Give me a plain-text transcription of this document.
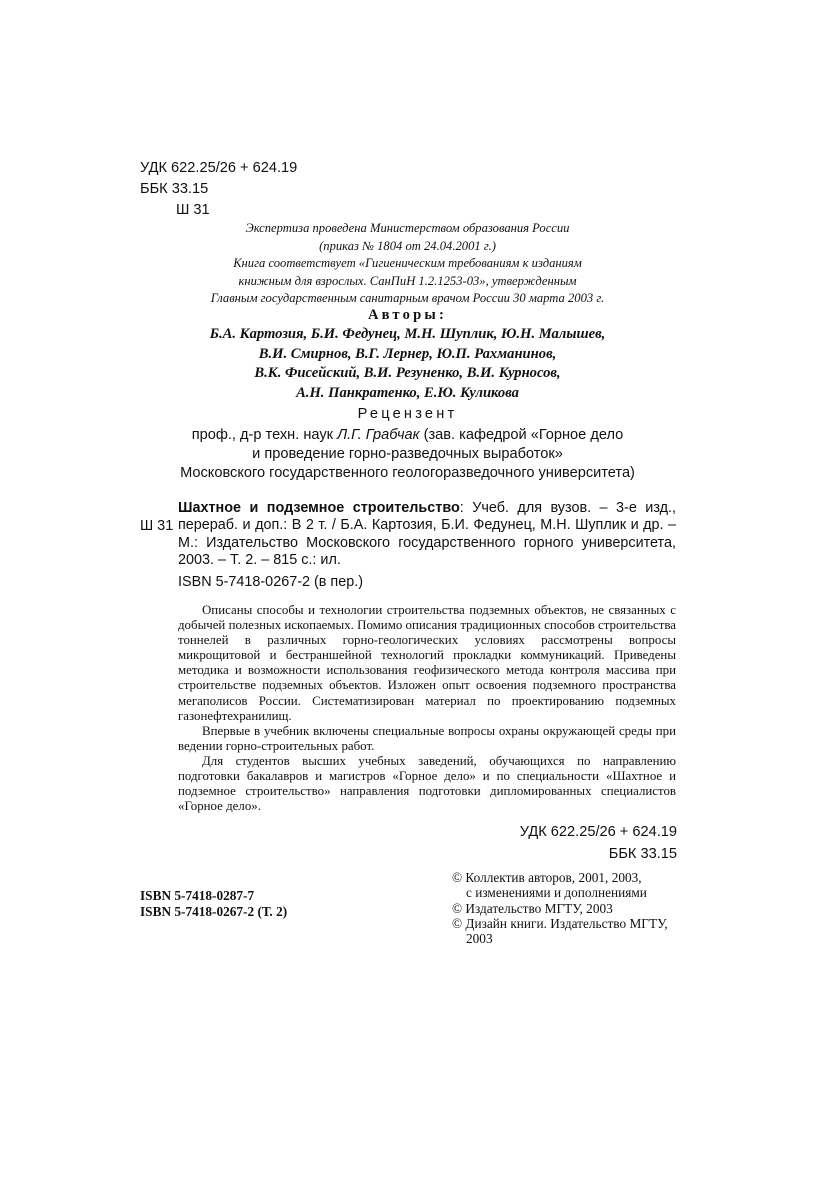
УДК 622.25/26 + 624.19
ББК 33.15
Ш 31
Экспертиза проведена Министерством образования России
(приказ № 1804 от 24.04.2001 г.)
Книга соответствует «Гигиеническим требованиям к изданиям
книжным для взрослых. СанПиН 1.2.1253-03», утвержденным
Главным государственным санитарным врачом России 30 марта 2003 г.
Авторы:
Б.А. Картозия, Б.И. Федунец, М.Н. Шуплик, Ю.Н. Малышев,
В.И. Смирнов, В.Г. Лернер, Ю.П. Рахманинов,
В.К. Фисейский, В.И. Резуненко, В.И. Курносов,
А.Н. Панкратенко, Е.Ю. Куликова
Рецензент
проф., д-р техн. наук Л.Г. Грабчак (зав. кафедрой «Горное дело
и проведение горно-разведочных выработок»
Московского государственного геологоразведочного университета)
Ш 31
Шахтное и подземное строительство: Учеб. для вузов. – 3-е изд., перераб. и доп.: В 2 т. / Б.А. Картозия, Б.И. Федунец, М.Н. Шуплик и др. – М.: Издательство Московского государственного горного университета, 2003. – Т. 2. – 815 с.: ил.
ISBN 5-7418-0267-2 (в пер.)

Описаны способы и технологии строительства подземных объектов, не связанных с добычей полезных ископаемых. Помимо описания традиционных способов строительства тоннелей в различных горно-геологических условиях рассмотрены вопросы микрощитовой и бестраншейной технологий прокладки коммуникаций. Приведены методика и возможности использования геофизического метода контроля массива при строительстве подземных объектов. Изложен опыт освоения подземного пространства мегаполисов России. Систематизирован материал по проектированию подземных газонефтехранилищ.

Впервые в учебник включены специальные вопросы охраны окружающей среды при ведении горно-строительных работ.

Для студентов высших учебных заведений, обучающихся по направлению подготовки бакалавров и магистров «Горное дело» и по специальности «Шахтное и подземное строительство» направления подготовки дипломированных специалистов «Горное дело».

УДК 622.25/26 + 624.19
ББК 33.15
ISBN 5-7418-0287-7
ISBN 5-7418-0267-2 (Т. 2)
© Коллектив авторов, 2001, 2003,
с изменениями и дополнениями
© Издательство МГТУ, 2003
© Дизайн книги. Издательство МГТУ,
2003
